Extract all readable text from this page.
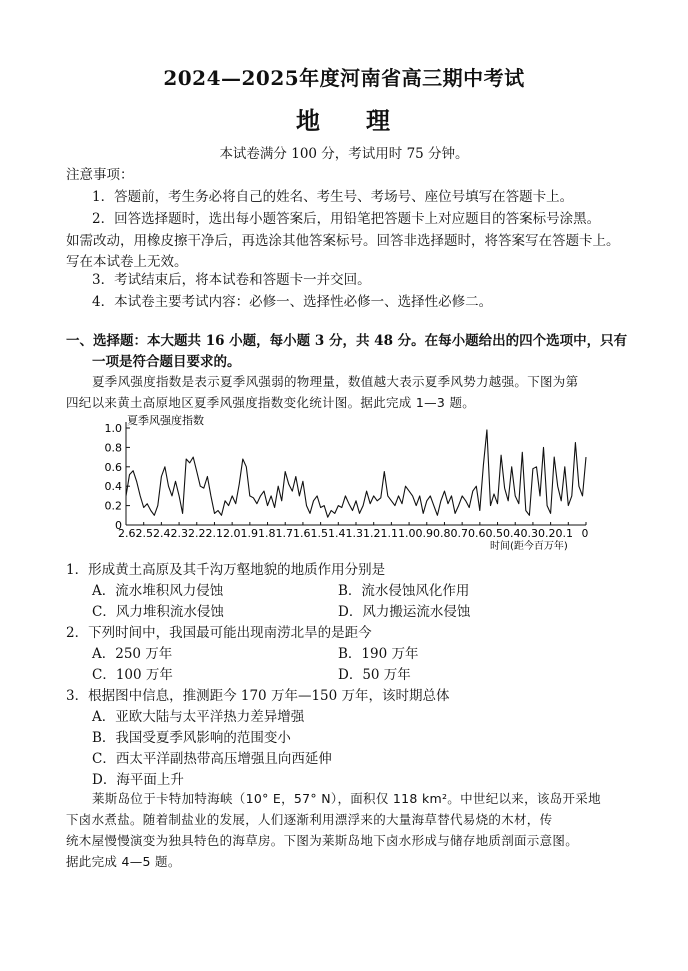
2024—2025年度河南省高三期中考试
地 理
本试卷满分 100 分，考试用时 75 分钟。
注意事项：
1．答题前，考生务必将自己的姓名、考生号、考场号、座位号填写在答题卡上。
2．回答选择题时，选出每小题答案后，用铅笔把答题卡上对应题目的答案标号涂黑。
如需改动，用橡皮擦干净后，再选涂其他答案标号。回答非选择题时，将答案写在答题卡上。
写在本试卷上无效。
3．考试结束后，将本试卷和答题卡一并交回。
4．本试卷主要考试内容：必修一、选择性必修一、选择性必修二。
一、选择题：本大题共 16 小题，每小题 3 分，共 48 分。在每小题给出的四个选项中，只有
一项是符合题目要求的。
夏季风强度指数是表示夏季风强弱的物理量，数值越大表示夏季风势力越强。下图为第
四纪以来黄土高原地区夏季风强度指数变化统计图。据此完成 1—3 题。
夏季风强度指数
0
0.2
0.4
0.6
0.8
1.0
2.62.52.42.32.22.12.01.91.81.71.61.51.41.31.21.11.00.90.80.70.60.50.40.30.20.1 0
时间(距今百万年)
1．形成黄土高原及其千沟万壑地貌的地质作用分别是
A．流水堆积风力侵蚀	B．流水侵蚀风化作用
C．风力堆积流水侵蚀	D．风力搬运流水侵蚀
2．下列时间中，我国最可能出现南涝北旱的是距今
A．250 万年	B．190 万年
C．100 万年	D．50 万年
3．根据图中信息，推测距今 170 万年—150 万年，该时期总体
A．亚欧大陆与太平洋热力差异增强
B．我国受夏季风影响的范围变小
C．西太平洋副热带高压增强且向西延伸
D．海平面上升
莱斯岛位于卡特加特海峡（10° E，57° N），面积仅 118 km²。中世纪以来，该岛开采地
下卤水煮盐。随着制盐业的发展，人们逐渐利用漂浮来的大量海草替代易烧的木材，传
统木屋慢慢演变为独具特色的海草房。下图为莱斯岛地下卤水形成与储存地质剖面示意图。
据此完成 4—5 题。
